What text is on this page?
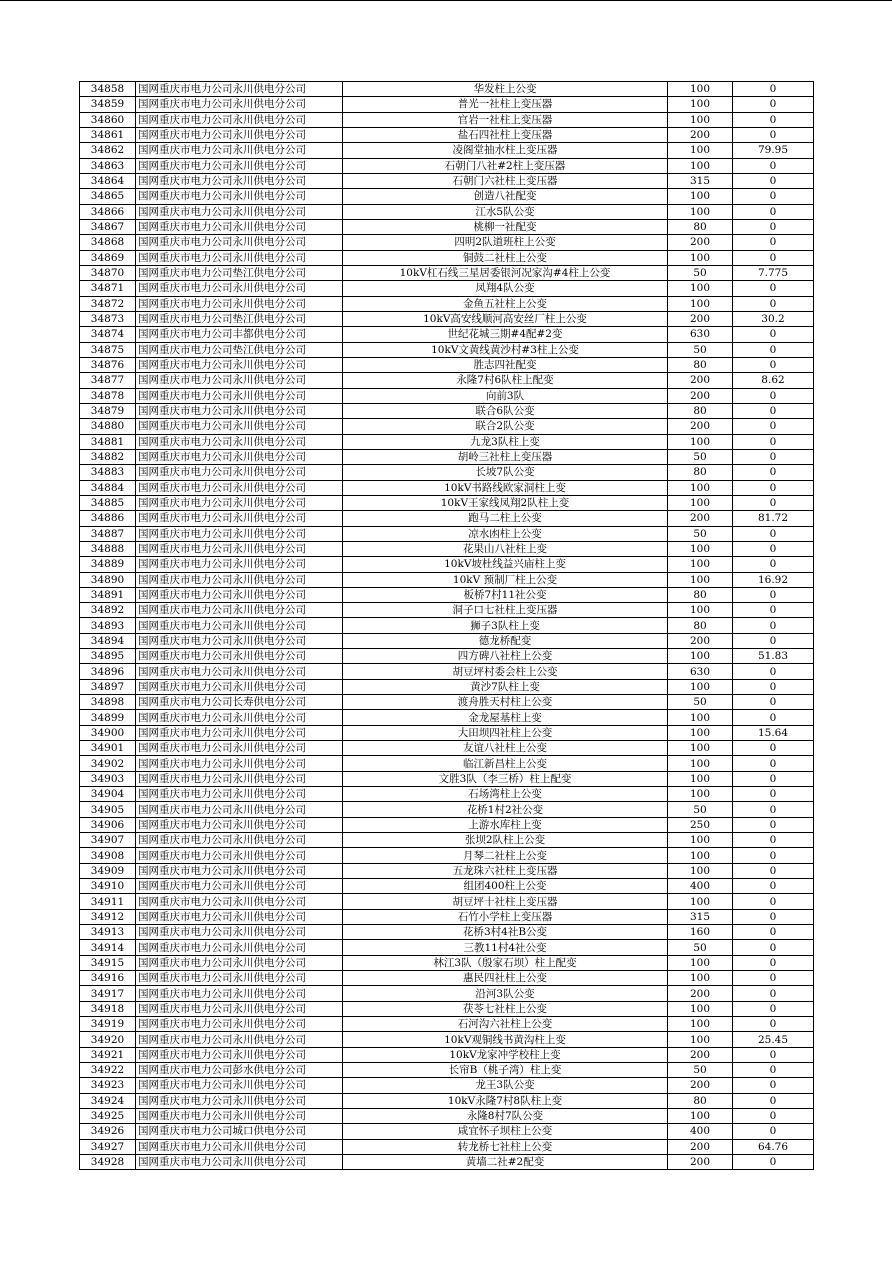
34858	国网重庆市电力公司永川供电分公司	华发柱上公变	100	0
34859	国网重庆市电力公司永川供电分公司	普光一社柱上变压器	100	0
34860	国网重庆市电力公司永川供电分公司	官岩一社柱上变压器	100	0
34861	国网重庆市电力公司永川供电分公司	盐石四社柱上变压器	200	0
34862	国网重庆市电力公司永川供电分公司	凌阁堂抽水柱上变压器	100	79.95
34863	国网重庆市电力公司永川供电分公司	石朝门八社#2柱上变压器	100	0
34864	国网重庆市电力公司永川供电分公司	石朝门六社柱上变压器	315	0
34865	国网重庆市电力公司永川供电分公司	创造八社配变	100	0
34866	国网重庆市电力公司永川供电分公司	江水5队公变	100	0
34867	国网重庆市电力公司永川供电分公司	桃柳一社配变	80	0
34868	国网重庆市电力公司永川供电分公司	四明2队道班柱上公变	200	0
34869	国网重庆市电力公司永川供电分公司	铜鼓二社柱上公变	100	0
34870	国网重庆市电力公司垫江供电分公司	10kV杠石线三星居委银河况家沟#4柱上公变	50	7.775
34871	国网重庆市电力公司永川供电分公司	凤翔4队公变	100	0
34872	国网重庆市电力公司永川供电分公司	金鱼五社柱上公变	100	0
34873	国网重庆市电力公司垫江供电分公司	10kV高安线顺河高安丝厂柱上公变	200	30.2
34874	国网重庆市电力公司丰都供电分公司	世纪花城三期#4配#2变	630	0
34875	国网重庆市电力公司垫江供电分公司	10kV文黄线黄沙村#3柱上公变	50	0
34876	国网重庆市电力公司永川供电分公司	胜志四社配变	80	0
34877	国网重庆市电力公司永川供电分公司	永隆7村6队柱上配变	200	8.62
34878	国网重庆市电力公司永川供电分公司	向前3队	200	0
34879	国网重庆市电力公司永川供电分公司	联合6队公变	80	0
34880	国网重庆市电力公司永川供电分公司	联合2队公变	200	0
34881	国网重庆市电力公司永川供电分公司	九龙3队柱上变	100	0
34882	国网重庆市电力公司永川供电分公司	胡岭三社柱上变压器	50	0
34883	国网重庆市电力公司永川供电分公司	长坡7队公变	80	0
34884	国网重庆市电力公司永川供电分公司	10kV书路线欧家洞柱上变	100	0
34885	国网重庆市电力公司永川供电分公司	10kV王家线凤翔2队柱上变	100	0
34886	国网重庆市电力公司永川供电分公司	跑马二柱上公变	200	81.72
34887	国网重庆市电力公司永川供电分公司	凉水凼柱上公变	50	0
34888	国网重庆市电力公司永川供电分公司	花果山八社柱上变	100	0
34889	国网重庆市电力公司永川供电分公司	10kV坡杜线益兴庙柱上变	100	0
34890	国网重庆市电力公司永川供电分公司	10kV 预制厂柱上公变	100	16.92
34891	国网重庆市电力公司永川供电分公司	板桥7村11社公变	80	0
34892	国网重庆市电力公司永川供电分公司	洞子口七社柱上变压器	100	0
34893	国网重庆市电力公司永川供电分公司	狮子3队柱上变	80	0
34894	国网重庆市电力公司永川供电分公司	德龙桥配变	200	0
34895	国网重庆市电力公司永川供电分公司	四方碑八社柱上公变	100	51.83
34896	国网重庆市电力公司永川供电分公司	胡豆坪村委会柱上公变	630	0
34897	国网重庆市电力公司永川供电分公司	黄沙7队柱上变	100	0
34898	国网重庆市电力公司长寿供电分公司	渡舟胜天村柱上公变	50	0
34899	国网重庆市电力公司永川供电分公司	金龙屋基柱上变	100	0
34900	国网重庆市电力公司永川供电分公司	大田坝四社柱上公变	100	15.64
34901	国网重庆市电力公司永川供电分公司	友谊八社柱上公变	100	0
34902	国网重庆市电力公司永川供电分公司	临江新昌柱上公变	100	0
34903	国网重庆市电力公司永川供电分公司	文胜3队（李三桥）柱上配变	100	0
34904	国网重庆市电力公司永川供电分公司	石场湾柱上公变	100	0
34905	国网重庆市电力公司永川供电分公司	花桥1村2社公变	50	0
34906	国网重庆市电力公司永川供电分公司	上游水库柱上变	250	0
34907	国网重庆市电力公司永川供电分公司	张坝2队柱上公变	100	0
34908	国网重庆市电力公司永川供电分公司	月琴二社柱上公变	100	0
34909	国网重庆市电力公司永川供电分公司	五龙珠六社柱上变压器	100	0
34910	国网重庆市电力公司永川供电分公司	组团400柱上公变	400	0
34911	国网重庆市电力公司永川供电分公司	胡豆坪十社柱上变压器	100	0
34912	国网重庆市电力公司永川供电分公司	石竹小学柱上变压器	315	0
34913	国网重庆市电力公司永川供电分公司	花桥3村4社B公变	160	0
34914	国网重庆市电力公司永川供电分公司	三教11村4社公变	50	0
34915	国网重庆市电力公司永川供电分公司	林江3队（殷家石坝）柱上配变	100	0
34916	国网重庆市电力公司永川供电分公司	惠民四社柱上公变	100	0
34917	国网重庆市电力公司永川供电分公司	沿河3队公变	200	0
34918	国网重庆市电力公司永川供电分公司	茯苓七社柱上公变	100	0
34919	国网重庆市电力公司永川供电分公司	石河沟六社柱上公变	100	0
34920	国网重庆市电力公司永川供电分公司	10kV观铜线书黄沟柱上变	100	25.45
34921	国网重庆市电力公司永川供电分公司	10kV龙家冲学校柱上变	200	0
34922	国网重庆市电力公司彭水供电分公司	长帘B（桃子湾）柱上变	50	0
34923	国网重庆市电力公司永川供电分公司	龙王3队公变	200	0
34924	国网重庆市电力公司永川供电分公司	10kV永隆7村8队柱上变	80	0
34925	国网重庆市电力公司永川供电分公司	永隆8村7队公变	100	0
34926	国网重庆市电力公司城口供电分公司	咸宜怀子坝柱上公变	400	0
34927	国网重庆市电力公司永川供电分公司	转龙桥七社柱上公变	200	64.76
34928	国网重庆市电力公司永川供电分公司	黄墙二社#2配变	200	0
